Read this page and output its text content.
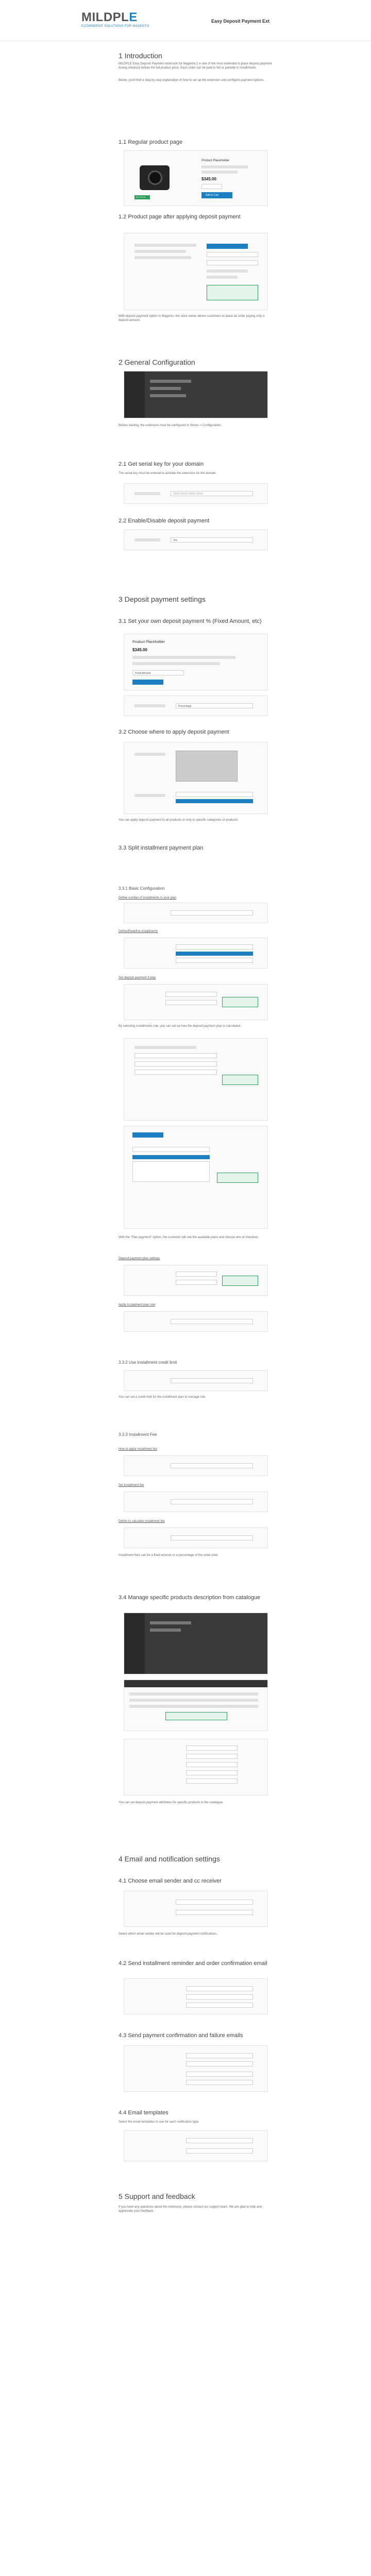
MILDPLE
ECOMMERCE SOLUTIONS FOR MAGENTO
Easy Deposit Payment Ext
1 Introduction

MILDPLE Easy Deposit Payment extension for Magento 2 is one of the most extended to place deposit payment during checkout before the full product price. Each order can be paid in full or partially in installments.

Below, you'll find a step-by-step explanation of how to set up the extension and configure payment options.

1.1 Regular product page
Product Placeholder
$345.00
Add to Cart
IN STOCK
1.2 Product page after applying deposit payment

With deposit payment option in Magento, the store owner allows customers to place an order paying only a deposit amount.

2 General Configuration

Before starting, the extension must be configured in Stores > Configuration.

2.1 Get serial key for your domain

The serial key must be entered to activate the extension for the domain.

XXXX-XXXX-XXXX-XXXX
2.2 Enable/Disable deposit payment
Yes
3 Deposit payment settings
3.1 Set your own deposit payment % (Fixed Amount, etc)
Product Placeholder
$345.00
Fixed Amount
Percentage
3.2 Choose where to apply deposit payment

You can apply deposit payment to all products or only to specific categories or products.

3.3 Split installment payment plan
3.3.1 Basic Configuration

Define number of installments in your plan

Define/Redefine installments

Set deposit payment if plan

By selecting installments rule, you can set up how the deposit payment plan is calculated.

With the "Plan payment" option, the customer will see the available plans and choose one at checkout.

Deposit payment plan settings

Apply to payment plan rule

3.3.2 Use Installment credit limit

You can set a credit limit for the installment plan to manage risk.

3.3.3 Installment Fee

How to apply installment fee

Set installment fee

Define to calculate installment fee

Installment fees can be a fixed amount or a percentage of the order total.

3.4 Manage specific products description from catalogue

You can set deposit payment attributes for specific products in the catalogue.

4 Email and notification settings
4.1 Choose email sender and cc receiver

Select which email sender will be used for deposit payment notifications.

4.2 Send installment reminder and order confirmation email
4.3 Send payment confirmation and failure emails
4.4 Email templates

Select the email templates to use for each notification type.

5 Support and feedback

If you have any questions about the extension, please contact our support team. We are glad to help and appreciate your feedback.
